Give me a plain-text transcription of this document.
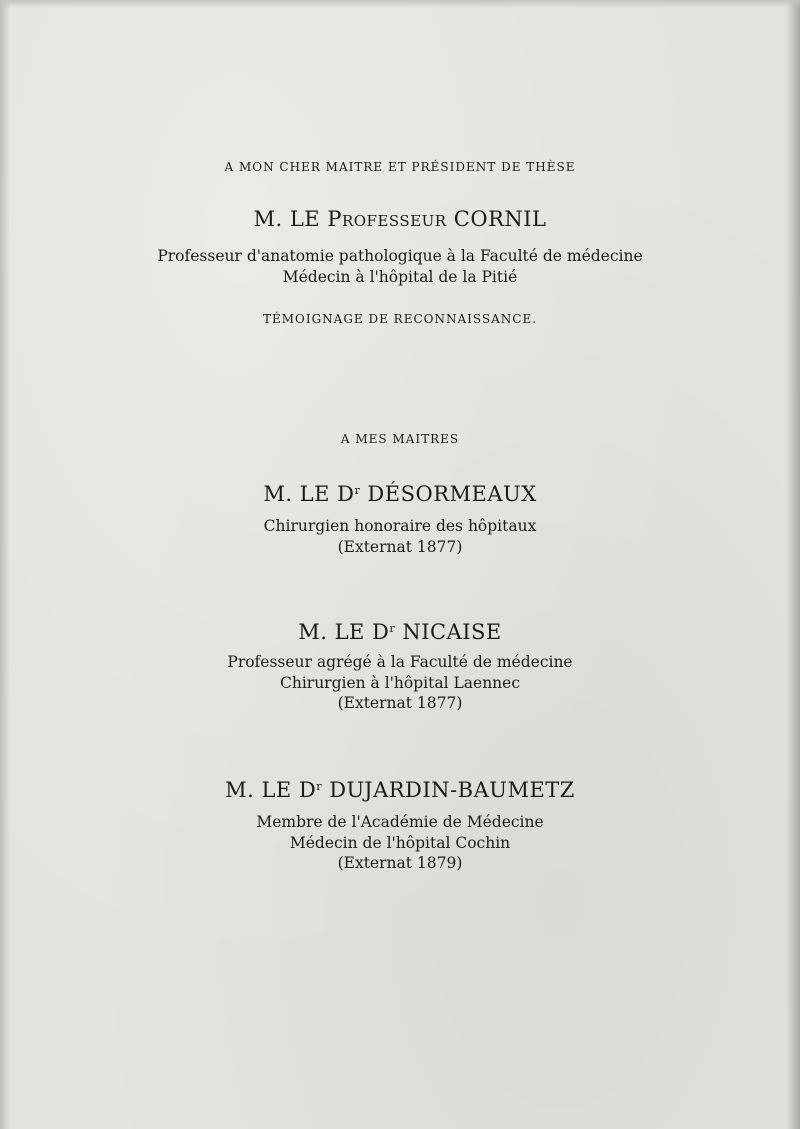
A MON CHER MAITRE ET PRÉSIDENT DE THÈSE
M. LE Professeur CORNIL
Professeur d'anatomie pathologique à la Faculté de médecine
Médecin à l'hôpital de la Pitié
TÉMOIGNAGE DE RECONNAISSANCE.
A MES MAITRES
M. LE $D^r$ DÉSORMEAUX
Chirurgien honoraire des hôpitaux
(Externat 1877)
M. LE $D^r$ NICAISE
Professeur agrégé à la Faculté de médecine
Chirurgien à l'hôpital Laennec
(Externat 1877)
M. LE $D^r$ DUJARDIN-BAUMETZ
Membre de l'Académie de Médecine
Médecin de l'hôpital Cochin
(Externat 1879)
